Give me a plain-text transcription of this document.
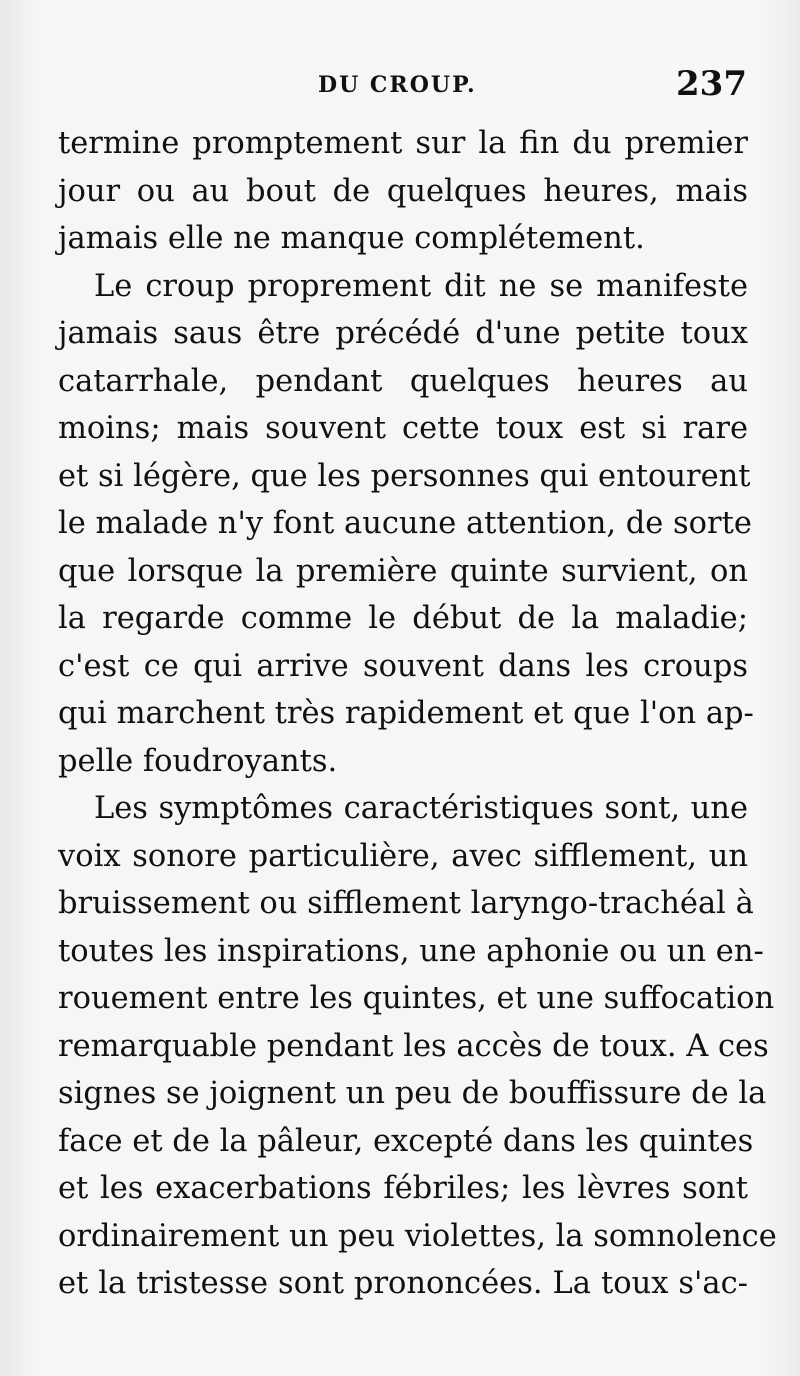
DU CROUP.	237
termine promptement sur la fin du premier
jour ou au bout de quelques heures, mais
jamais elle ne manque complétement.
Le croup proprement dit ne se manifeste
jamais saus être précédé d'une petite toux
catarrhale, pendant quelques heures au
moins; mais souvent cette toux est si rare
et si légère, que les personnes qui entourent
le malade n'y font aucune attention, de sorte
que lorsque la première quinte survient, on
la regarde comme le début de la maladie;
c'est ce qui arrive souvent dans les croups
qui marchent très rapidement et que l'on ap-
pelle foudroyants.
Les symptômes caractéristiques sont, une
voix sonore particulière, avec sifflement, un
bruissement ou sifflement laryngo-trachéal à
toutes les inspirations, une aphonie ou un en-
rouement entre les quintes, et une suffocation
remarquable pendant les accès de toux. A ces
signes se joignent un peu de bouffissure de la
face et de la pâleur, excepté dans les quintes
et les exacerbations fébriles; les lèvres sont
ordinairement un peu violettes, la somnolence
et la tristesse sont prononcées. La toux s'ac-
